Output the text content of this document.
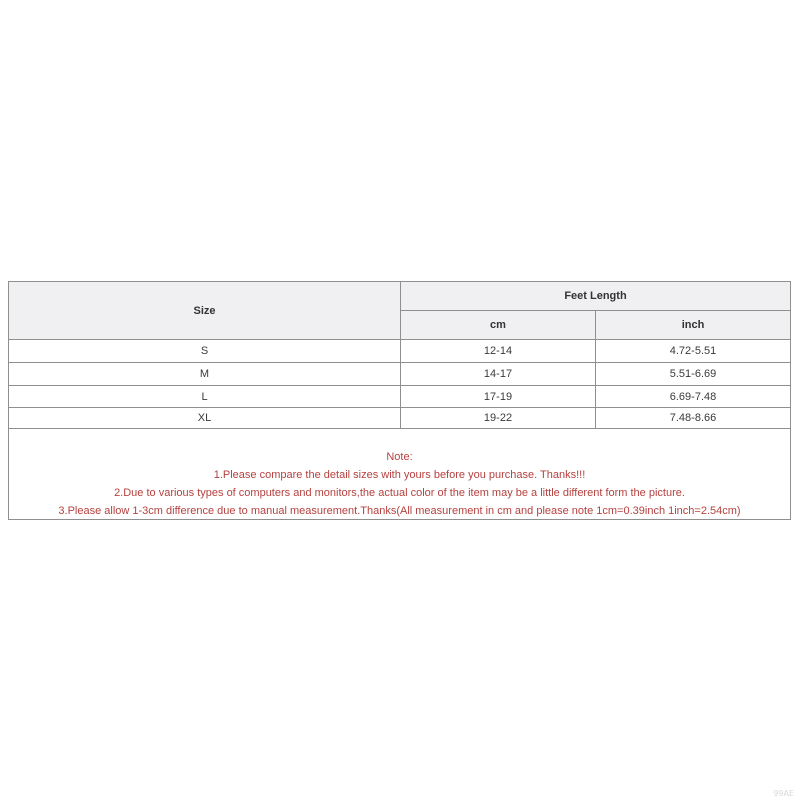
Size
Feet Length
cm	inch
S	12-14	4.72-5.51
M	14-17	5.51-6.69
L	17-19	6.69-7.48
XL	19-22	7.48-8.66
Note:
1.Please compare the detail sizes with yours before you purchase. Thanks!!!
2.Due to various types of computers and monitors,the actual color of the item may be a little different form the picture.
3.Please allow 1-3cm difference due to manual measurement.Thanks(All measurement in cm and please note 1cm=0.39inch 1inch=2.54cm)
99AE
